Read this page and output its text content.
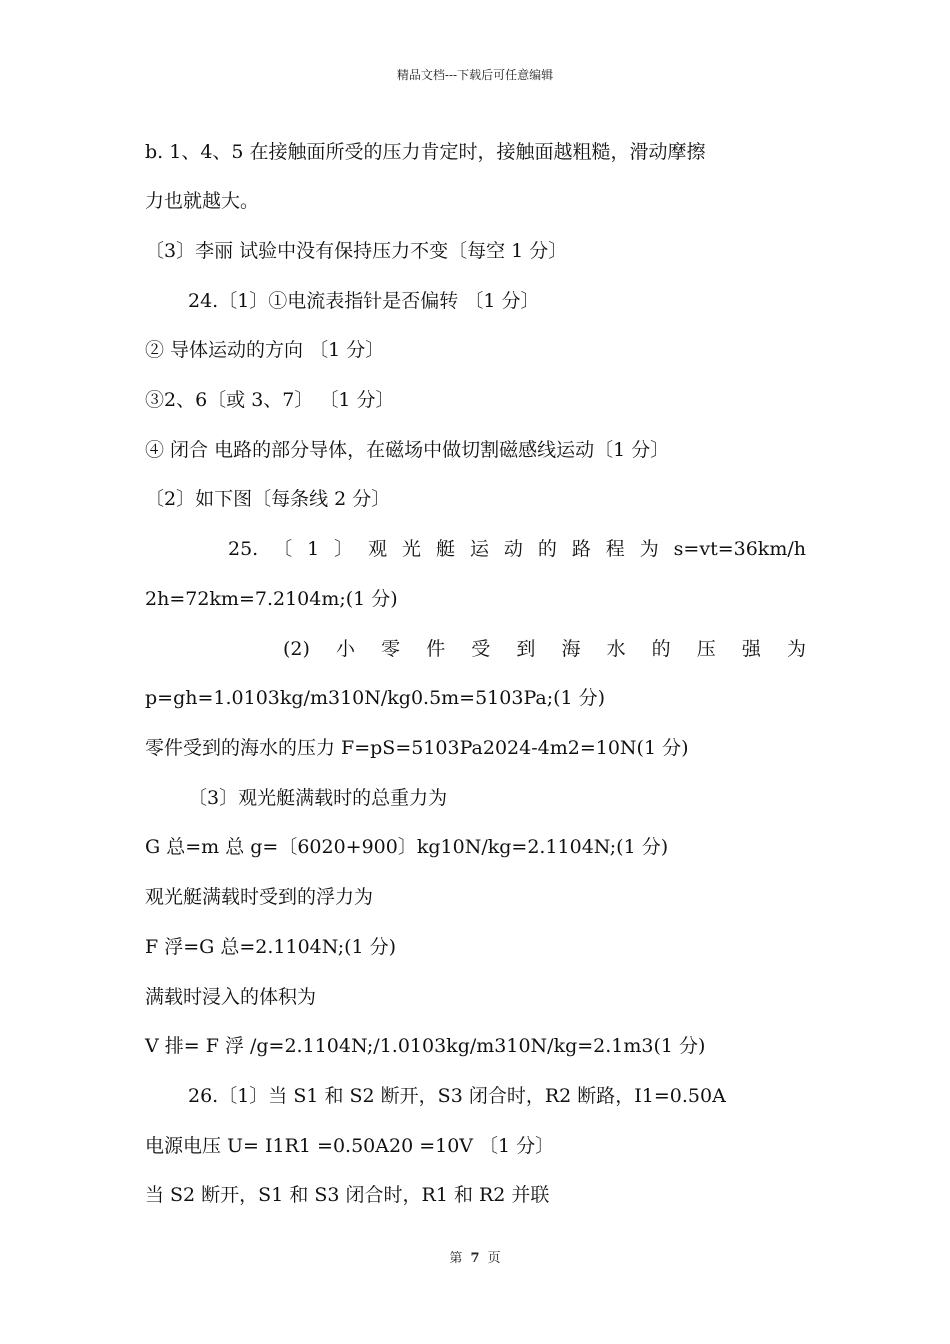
精品文档---下载后可任意编辑
b. 1、4、5 在接触面所受的压力肯定时，接触面越粗糙，滑动摩擦
力也就越大。
〔3〕李丽 试验中没有保持压力不变〔每空 1 分〕
24.〔1〕①电流表指针是否偏转 〔1 分〕
② 导体运动的方向 〔1 分〕
③2、6〔或 3、7〕 〔1 分〕
④ 闭合 电路的部分导体，在磁场中做切割磁感线运动〔1 分〕
〔2〕如下图〔每条线 2 分〕
25. 〔 1 〕 观 光 艇 运 动 的 路 程 为 s=vt=36km/h
2h=72km=7.2104m;(1 分)
(2) 小 零 件 受 到 海 水 的 压 强 为
p=gh=1.0103kg/m310N/kg0.5m=5103Pa;(1 分)
零件受到的海水的压力 F=pS=5103Pa2024-4m2=10N(1 分)
〔3〕观光艇满载时的总重力为
G 总=m 总 g=〔6020+900〕kg10N/kg=2.1104N;(1 分)
观光艇满载时受到的浮力为
F 浮=G 总=2.1104N;(1 分)
满载时浸入的体积为
V 排= F 浮 /g=2.1104N;/1.0103kg/m310N/kg=2.1m3(1 分)
26.〔1〕当 S1 和 S2 断开，S3 闭合时，R2 断路，I1=0.50A
电源电压 U= I1R1 =0.50A20 =10V 〔1 分〕
当 S2 断开，S1 和 S3 闭合时，R1 和 R2 并联
第 7 页
